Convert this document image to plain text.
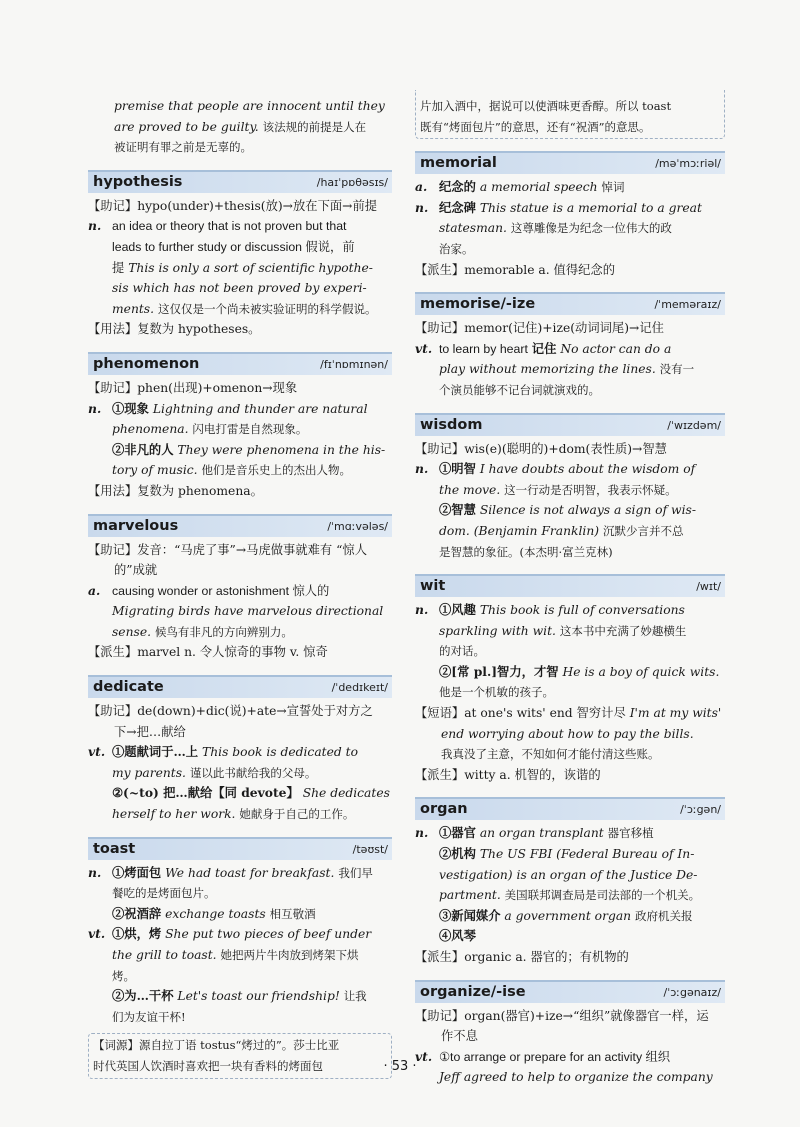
premise that people are innocent until they

are proved to be guilty. 该法规的前提是人在

被证明有罪之前是无辜的。

hypothesis	/haɪˈpɒθəsɪs/

【助记】hypo(under)+thesis(放)→放在下面→前提

n. an idea or theory that is not proven but that

leads to further study or discussion 假说，前

提 This is only a sort of scientific hypothe-

sis which has not been proved by experi-

ments. 这仅仅是一个尚未被实验证明的科学假说。

【用法】复数为 hypotheses。

phenomenon	/fɪˈnɒmɪnən/

【助记】phen(出现)+omenon→现象

n. ①现象 Lightning and thunder are natural

phenomena. 闪电打雷是自然现象。

②非凡的人 They were phenomena in the his-

tory of music. 他们是音乐史上的杰出人物。

【用法】复数为 phenomena。

marvelous	/ˈmɑːvələs/

【助记】发音：“马虎了事”→马虎做事就难有 “惊人

的”成就

a. causing wonder or astonishment 惊人的

Migrating birds have marvelous directional

sense. 候鸟有非凡的方向辨别力。

【派生】marvel n. 令人惊奇的事物 v. 惊奇

dedicate	/ˈdedɪkeɪt/

【助记】de(down)+dic(说)+ate→宣誓处于对方之

下→把…献给

vt. ①题献词于…上 This book is dedicated to

my parents. 谨以此书献给我的父母。

②(~to) 把…献给【同 devote】 She dedicates

herself to her work. 她献身于自己的工作。

toast	/təʊst/
n. ①烤面包 We had toast for breakfast. 我们早

餐吃的是烤面包片。

②祝酒辞 exchange toasts 相互敬酒

vt. ①烘，烤 She put two pieces of beef under

the grill to toast. 她把两片牛肉放到烤架下烘

烤。

②为…干杯 Let's toast our friendship! 让我

们为友谊干杯!

【词源】源自拉丁语 tostus“烤过的”。莎士比亚

时代英国人饮酒时喜欢把一块有香料的烤面包

片加入酒中，据说可以使酒味更香醇。所以 toast

既有“烤面包片”的意思，还有“祝酒”的意思。

memorial	/məˈmɔːriəl/
a. 纪念的 a memorial speech 悼词

n. 纪念碑 This statue is a memorial to a great

statesman. 这尊雕像是为纪念一位伟大的政

治家。

【派生】memorable a. 值得纪念的

memorise/-ize	/ˈmeməraɪz/

【助记】memor(记住)+ize(动词词尾)→记住

vt. to learn by heart 记住 No actor can do a

play without memorizing the lines. 没有一

个演员能够不记台词就演戏的。

wisdom	/ˈwɪzdəm/

【助记】wis(e)(聪明的)+dom(表性质)→智慧

n. ①明智 I have doubts about the wisdom of

the move. 这一行动是否明智，我表示怀疑。

②智慧 Silence is not always a sign of wis-

dom. (Benjamin Franklin) 沉默少言并不总

是智慧的象征。(本杰明·富兰克林)

wit	/wɪt/
n. ①风趣 This book is full of conversations

sparkling with wit. 这本书中充满了妙趣横生

的对话。

②[常 pl.]智力，才智 He is a boy of quick wits.

他是一个机敏的孩子。

【短语】at one's wits' end 智穷计尽 I'm at my wits'

end worrying about how to pay the bills.

我真没了主意，不知如何才能付清这些账。

【派生】witty a. 机智的，诙谐的

organ	/ˈɔːgən/
n. ①器官 an organ transplant 器官移植

②机构 The US FBI (Federal Bureau of In-

vestigation) is an organ of the Justice De-

partment. 美国联邦调查局是司法部的一个机关。

③新闻媒介 a government organ 政府机关报

④风琴

【派生】organic a. 器官的；有机物的

organize/-ise	/ˈɔːgənaɪz/

【助记】organ(器官)+ize→“组织”就像器官一样，运

作不息

vt. ①to arrange or prepare for an activity 组织

Jeff agreed to help to organize the company

· 53 ·
